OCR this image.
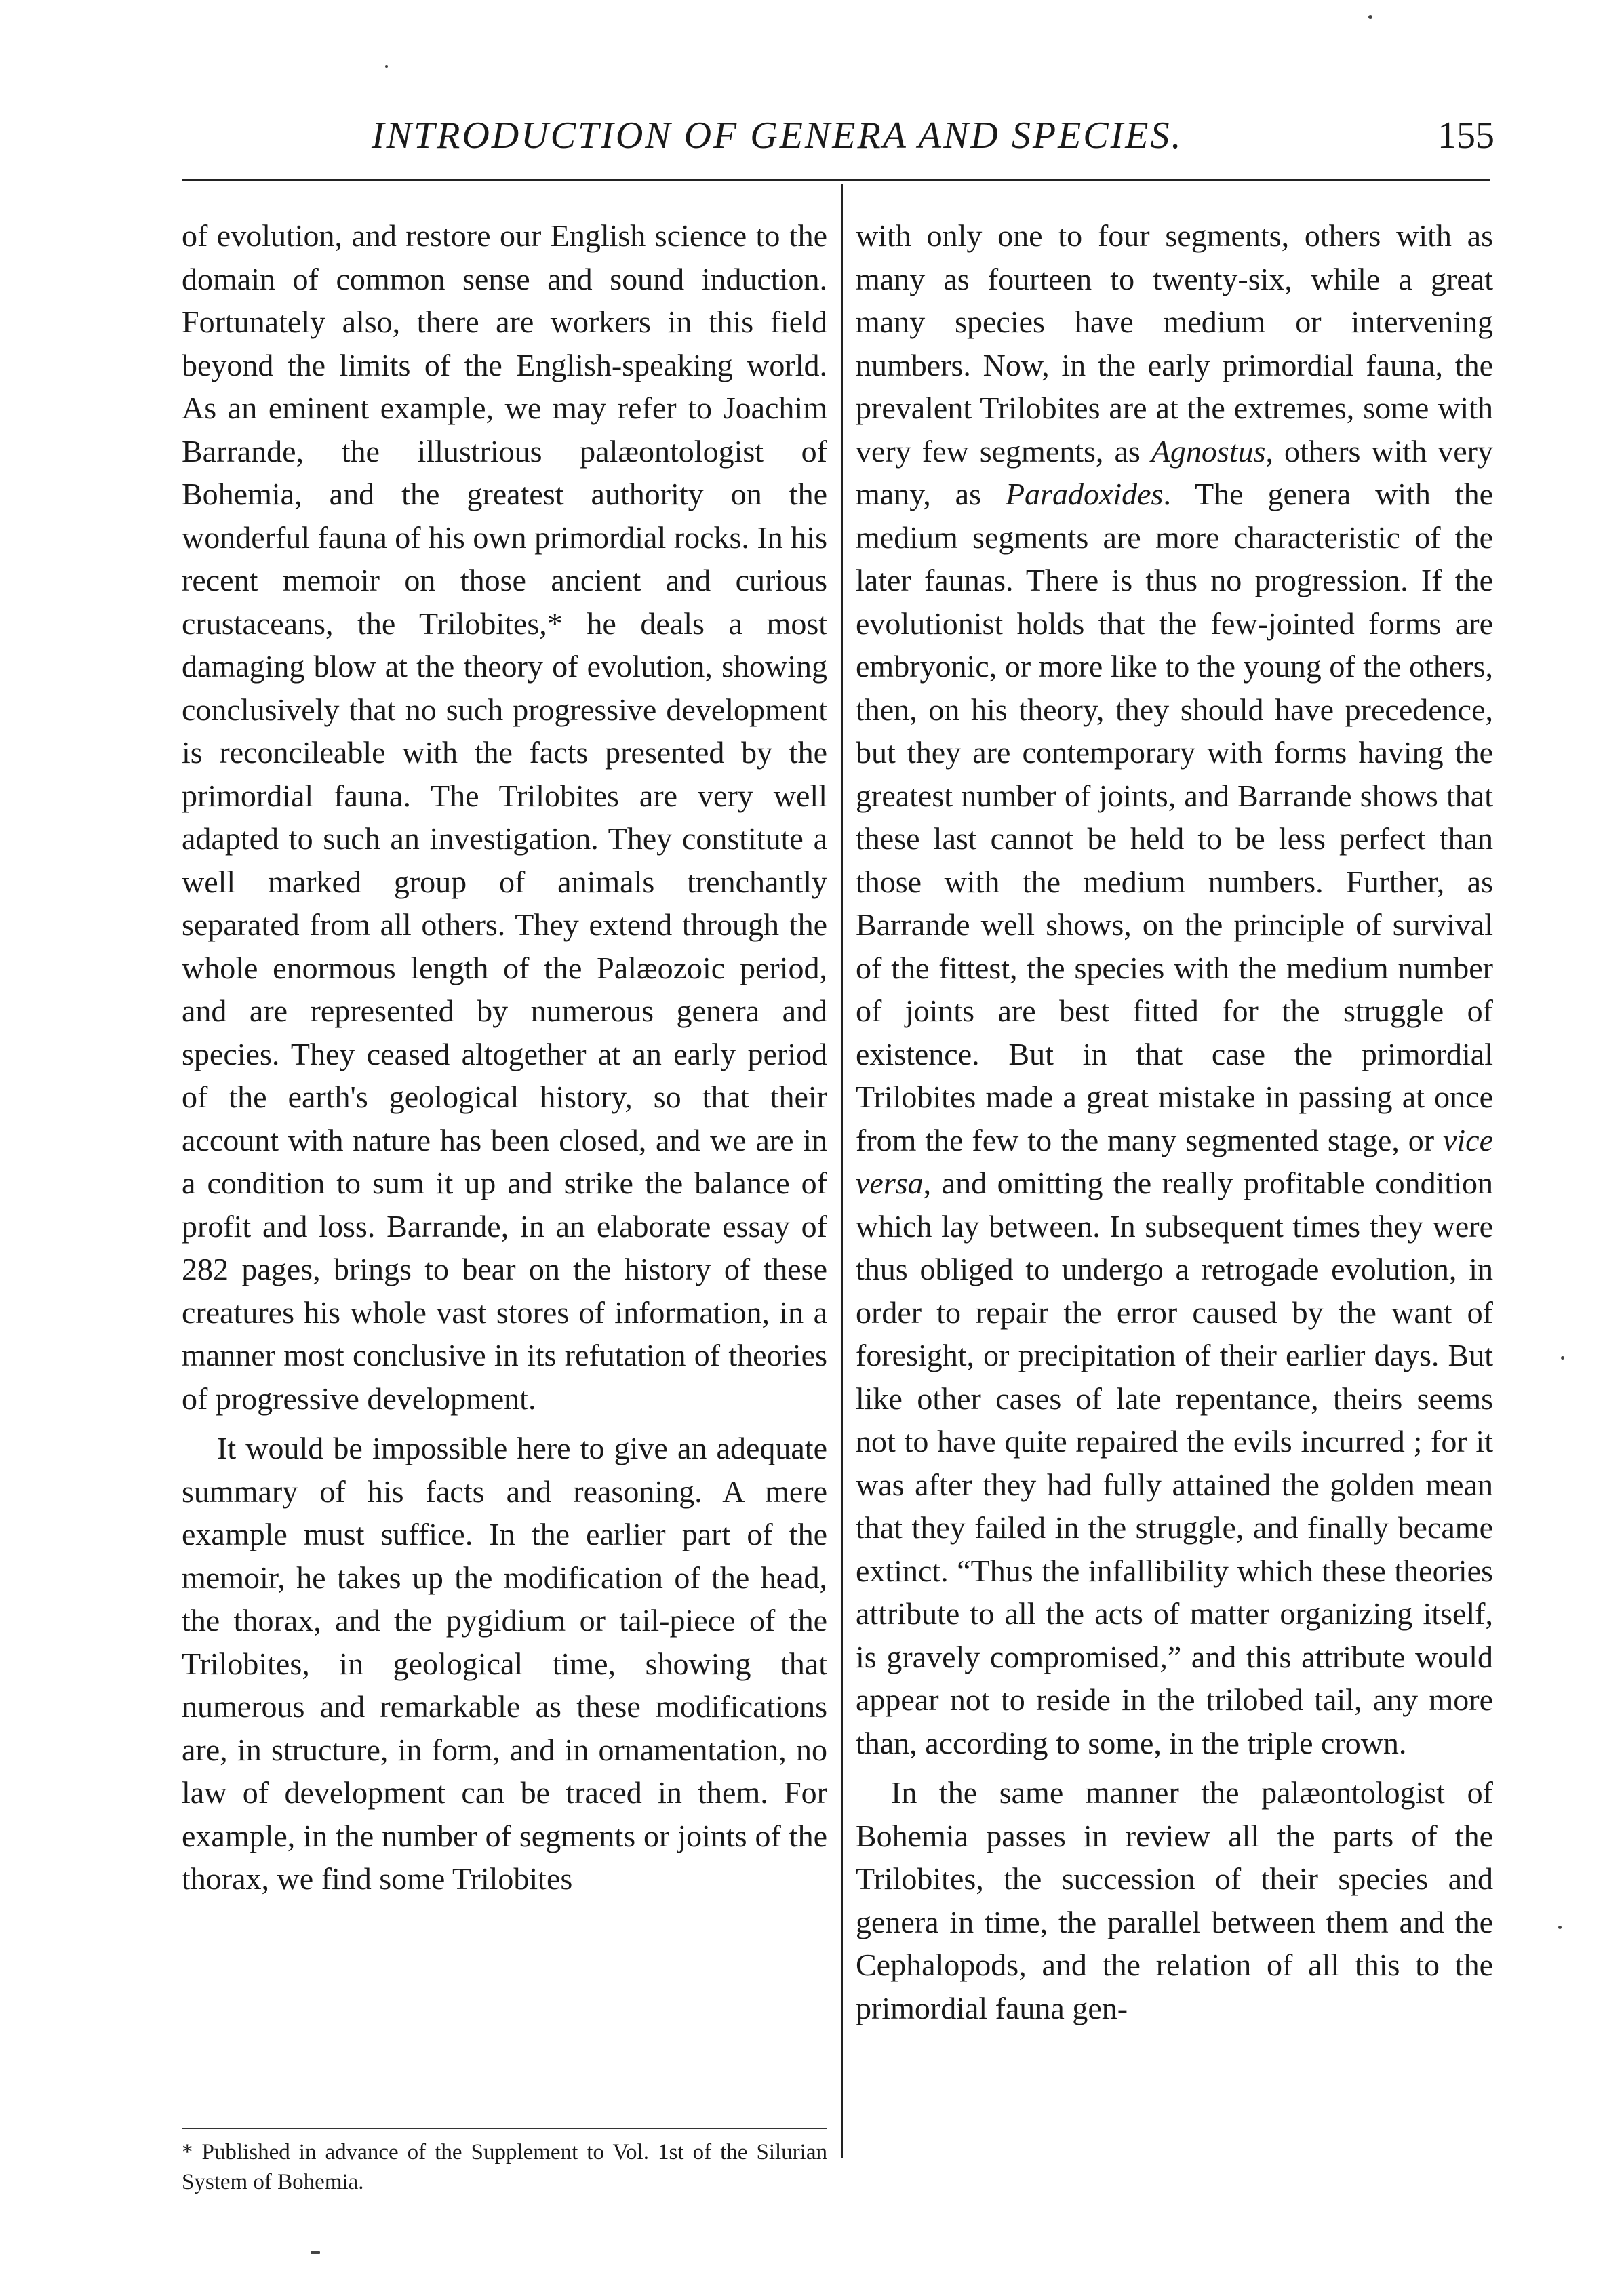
INTRODUCTION OF GENERA AND SPECIES.	155

of evolution, and restore our English science to the domain of common sense and sound induction. Fortunately also, there are workers in this field beyond the limits of the English-speaking world. As an eminent example, we may refer to Joachim Barrande, the illustrious palæontologist of Bohemia, and the greatest authority on the wonderful fauna of his own primordial rocks. In his recent memoir on those ancient and curious crustaceans, the Trilobites,* he deals a most damaging blow at the theory of evolution, showing conclusively that no such progressive development is reconcileable with the facts presented by the primordial fauna. The Trilobites are very well adapted to such an investigation. They constitute a well marked group of animals trenchantly separated from all others. They extend through the whole enormous length of the Palæozoic period, and are represented by numerous genera and species. They ceased altogether at an early period of the earth's geological history, so that their account with nature has been closed, and we are in a condition to sum it up and strike the balance of profit and loss. Barrande, in an elaborate essay of 282 pages, brings to bear on the history of these creatures his whole vast stores of information, in a manner most conclusive in its refutation of theories of progressive development.

It would be impossible here to give an adequate summary of his facts and reasoning. A mere example must suffice. In the earlier part of the memoir, he takes up the modification of the head, the thorax, and the pygidium or tail-piece of the Trilobites, in geological time, showing that numerous and remarkable as these modifications are, in structure, in form, and in ornamentation, no law of development can be traced in them. For example, in the number of segments or joints of the thorax, we find some Trilobites

* Published in advance of the Supplement to Vol. 1st of the Silurian System of Bohemia.

with only one to four segments, others with as many as fourteen to twenty-six, while a great many species have medium or intervening numbers. Now, in the early primordial fauna, the prevalent Trilobites are at the extremes, some with very few segments, as Agnostus, others with very many, as Paradoxides. The genera with the medium segments are more characteristic of the later faunas. There is thus no progression. If the evolutionist holds that the few-jointed forms are embryonic, or more like to the young of the others, then, on his theory, they should have precedence, but they are contemporary with forms having the greatest number of joints, and Barrande shows that these last cannot be held to be less perfect than those with the medium numbers. Further, as Barrande well shows, on the principle of survival of the fittest, the species with the medium number of joints are best fitted for the struggle of existence. But in that case the primordial Trilobites made a great mistake in passing at once from the few to the many segmented stage, or vice versa, and omitting the really profitable condition which lay between. In subsequent times they were thus obliged to undergo a retrogade evolution, in order to repair the error caused by the want of foresight, or precipitation of their earlier days. But like other cases of late repentance, theirs seems not to have quite repaired the evils incurred ; for it was after they had fully attained the golden mean that they failed in the struggle, and finally became extinct. “Thus the infallibility which these theories attribute to all the acts of matter organizing itself, is gravely compromised,” and this attribute would appear not to reside in the trilobed tail, any more than, according to some, in the triple crown.

In the same manner the palæontologist of Bohemia passes in review all the parts of the Trilobites, the succession of their species and genera in time, the parallel between them and the Cephalopods, and the relation of all this to the primordial fauna gen-
